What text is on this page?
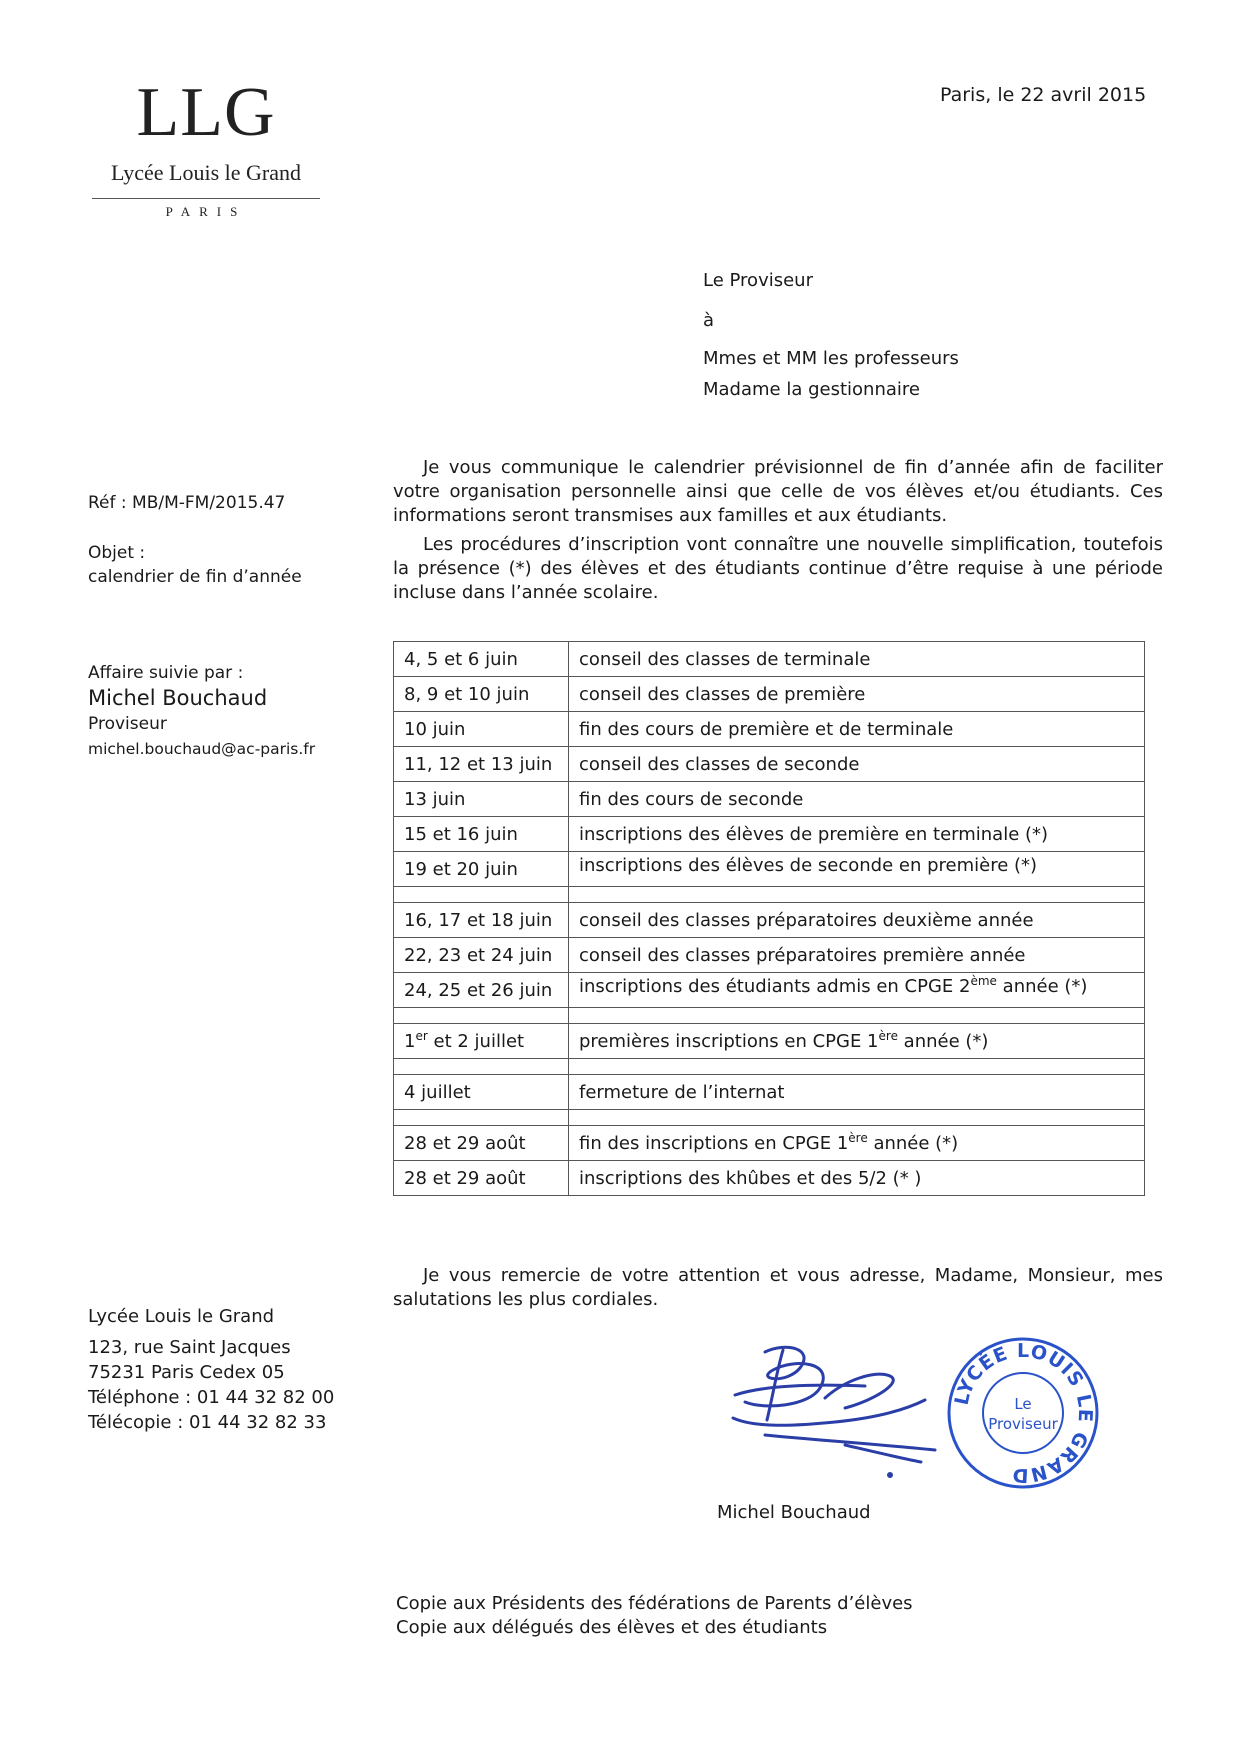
LLG
Lycée Louis le Grand
PARIS
Paris, le 22 avril 2015
Le Proviseur
à
Mmes et MM les professeurs
Madame la gestionnaire
Réf : MB/M-FM/2015.47
Objet :
calendrier de fin d’année
Affaire suivie par :
Michel Bouchaud
Proviseur
michel.bouchaud@ac-paris.fr
Je vous communique le calendrier prévisionnel de fin d’année afin de faciliter votre organisation personnelle ainsi que celle de vos élèves et/ou étudiants. Ces informations seront transmises aux familles et aux étudiants.
Les procédures d’inscription vont connaître une nouvelle simplification, toutefois la présence (*) des élèves et des étudiants continue d’être requise à une période incluse dans l’année scolaire.
4, 5 et 6 juin	conseil des classes de terminale
8, 9 et 10 juin	conseil des classes de première
10 juin	fin des cours de première et de terminale
11, 12 et 13 juin	conseil des classes de seconde
13 juin	fin des cours de seconde
15 et 16 juin	inscriptions des élèves de première en terminale (*)
19 et 20 juin	inscriptions des élèves de seconde en première (*)

16, 17 et 18 juin	conseil des classes préparatoires deuxième année
22, 23 et 24 juin	conseil des classes préparatoires première année
24, 25 et 26 juin	inscriptions des étudiants admis en CPGE 2ème année (*)

1er et 2 juillet	premières inscriptions en CPGE 1ère année (*)

4 juillet	fermeture de l’internat

28 et 29 août	fin des inscriptions en CPGE 1ère année (*)
28 et 29 août	inscriptions des khûbes et des 5/2 (* )
Je vous remercie de votre attention et vous adresse, Madame, Monsieur, mes salutations les plus cordiales.
Lycée Louis le Grand
123, rue Saint Jacques
75231 Paris Cedex 05
Téléphone : 01 44 32 82 00
Télécopie : 01 44 32 82 33
LYCÉE LOUIS LE GRAND
Le
Proviseur
Michel Bouchaud
Copie aux Présidents des fédérations de Parents d’élèves
Copie aux délégués des élèves et des étudiants
